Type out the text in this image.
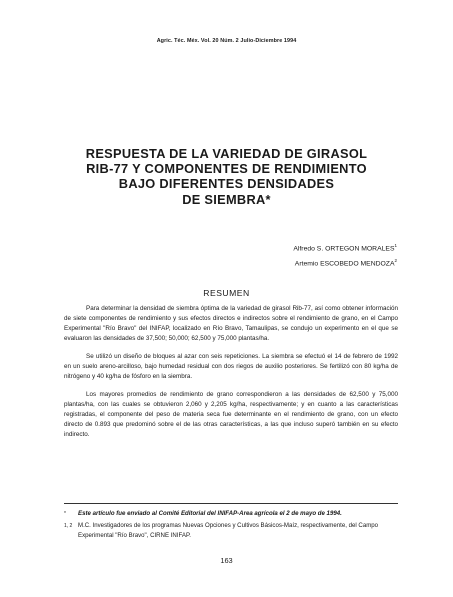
Agric. Téc. Méx. Vol. 20 Núm. 2 Julio-Diciembre 1994
RESPUESTA DE LA VARIEDAD DE GIRASOL
RIB-77 Y COMPONENTES DE RENDIMIENTO
BAJO DIFERENTES DENSIDADES
DE SIEMBRA*
Alfredo S. ORTEGON MORALES$^1$
Artemio ESCOBEDO MENDOZA$^2$
RESUMEN

Para determinar la densidad de siembra óptima de la variedad de girasol Rib-77, así como obtener información de siete componentes de rendimiento y sus efectos directos e indirectos sobre el rendimiento de grano, en el Campo Experimental "Río Bravo" del INIFAP, localizado en Río Bravo, Tamaulipas, se condujo un experimento en el que se evaluaron las densidades de 37,500; 50,000; 62,500 y 75,000 plantas/ha.

Se utilizó un diseño de bloques al azar con seis repeticiones. La siembra se efectuó el 14 de febrero de 1992 en un suelo areno-arcilloso, bajo humedad residual con dos riegos de auxilio posteriores. Se fertilizó con 80 kg/ha de nitrógeno y 40 kg/ha de fósforo en la siembra.

Los mayores promedios de rendimiento de grano correspondieron a las densidades de 62,500 y 75,000 plantas/ha, con las cuales se obtuvieron 2,060 y 2,205 kg/ha, respectivamente; y en cuanto a las características registradas, el componente del peso de materia seca fue determinante en el rendimiento de grano, con un efecto directo de 0.893 que predominó sobre el de las otras características, a las que incluso superó también en su efecto indirecto.

*	Este artículo fue enviado al Comité Editorial del INIFAP-Area agrícola el 2 de mayo de 1994.
1, 2 M.C. Investigadores de los programas Nuevas Opciones y Cultivos Básicos-Maíz, respectivamente, del Campo Experimental "Río Bravo", CIRNE INIFAP.
163
